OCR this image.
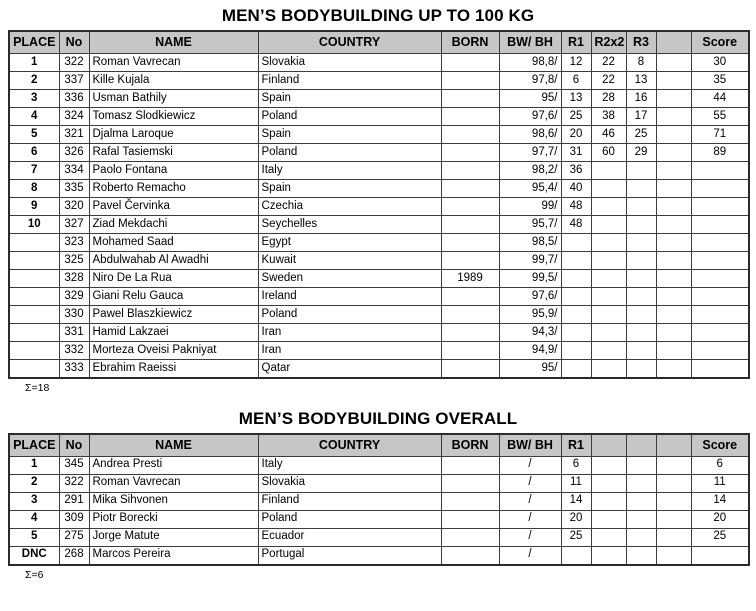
MEN’S BODYBUILDING UP TO 100 KG
PLACE	No	NAME	COUNTRY	BORN	BW/ BH	R1	R2x2	R3		Score
1	322	Roman Vavrecan	Slovakia		98,8/	12	22	8		30
2	337	Kille Kujala	Finland		97,8/	6	22	13		35
3	336	Usman Bathily	Spain		95/	13	28	16		44
4	324	Tomasz Slodkiewicz	Poland		97,6/	25	38	17		55
5	321	Djalma Laroque	Spain		98,6/	20	46	25		71
6	326	Rafal Tasiemski	Poland		97,7/	31	60	29		89
7	334	Paolo Fontana	Italy		98,2/	36				
8	335	Roberto Remacho	Spain		95,4/	40				
9	320	Pavel Červinka	Czechia		99/	48				
10	327	Ziad Mekdachi	Seychelles		95,7/	48				
	323	Mohamed Saad	Egypt		98,5/					
	325	Abdulwahab Al Awadhi	Kuwait		99,7/					
	328	Niro De La Rua	Sweden	1989	99,5/					
	329	Giani Relu Gauca	Ireland		97,6/					
	330	Pawel Blaszkiewicz	Poland		95,9/					
	331	Hamid Lakzaei	Iran		94,3/					
	332	Morteza Oveisi Pakniyat	Iran		94,9/					
	333	Ebrahim Raeissi	Qatar		95/					
Σ=18
MEN’S BODYBUILDING OVERALL
PLACE	No	NAME	COUNTRY	BORN	BW/ BH	R1				Score
1	345	Andrea Presti	Italy		/	6				6
2	322	Roman Vavrecan	Slovakia		/	11				11
3	291	Mika Sihvonen	Finland		/	14				14
4	309	Piotr Borecki	Poland		/	20				20
5	275	Jorge Matute	Ecuador		/	25				25
DNC	268	Marcos Pereira	Portugal		/					
Σ=6
